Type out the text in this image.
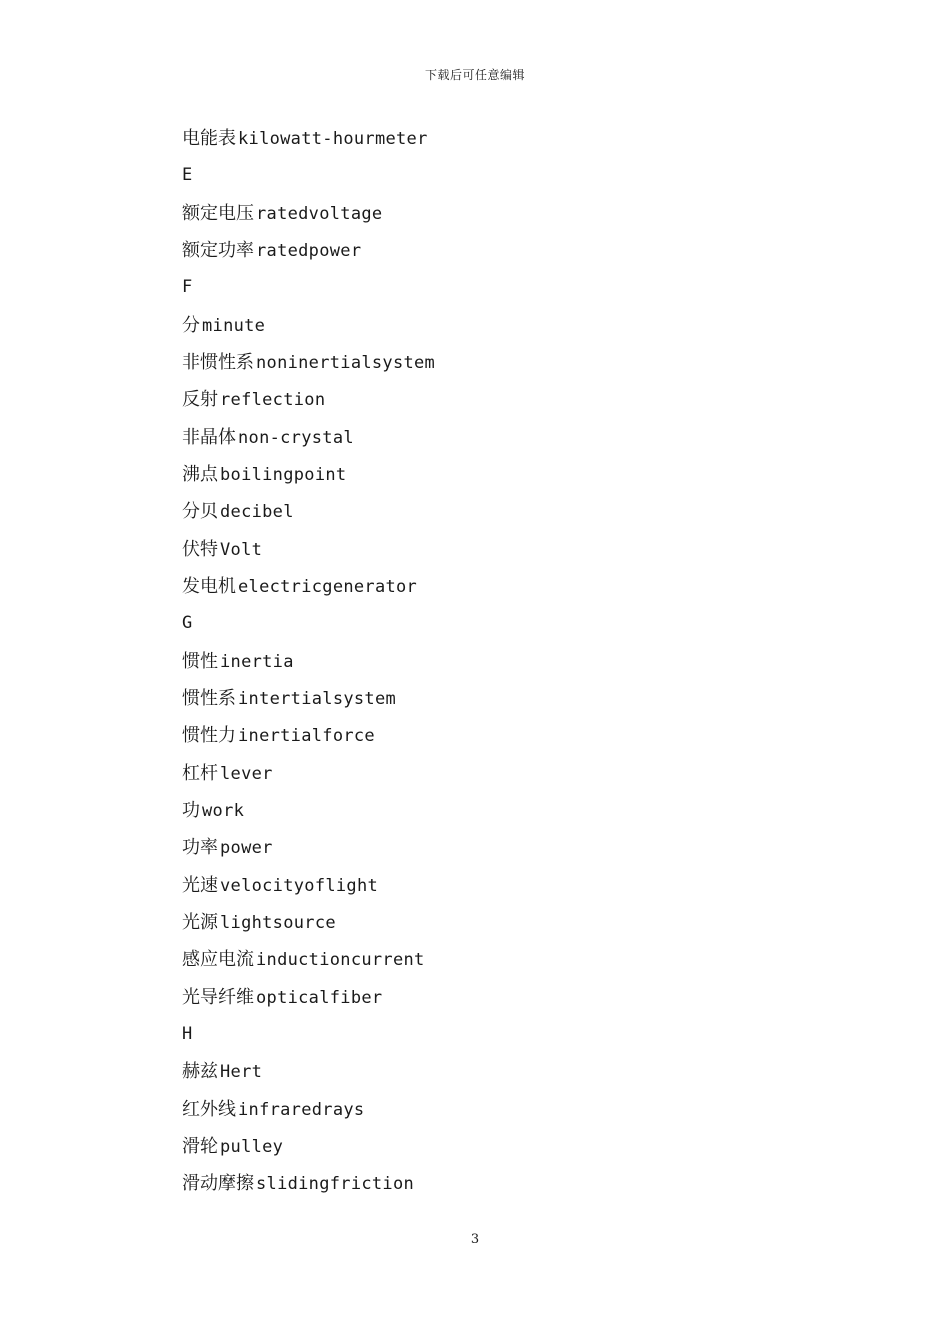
下载后可任意编辑
电能表 kilowatt-hourmeter
E
额定电压 ratedvoltage
额定功率 ratedpower
F
分 minute
非惯性系 noninertialsystem
反射 reflection
非晶体 non-crystal
沸点 boilingpoint
分贝 decibel
伏特 Volt
发电机 electricgenerator
G
惯性 inertia
惯性系 intertialsystem
惯性力 inertialforce
杠杆 lever
功 work
功率 power
光速 velocityoflight
光源 lightsource
感应电流 inductioncurrent
光导纤维 opticalfiber
H
赫兹 Hert
红外线 infraredrays
滑轮 pulley
滑动摩擦 slidingfriction
3
